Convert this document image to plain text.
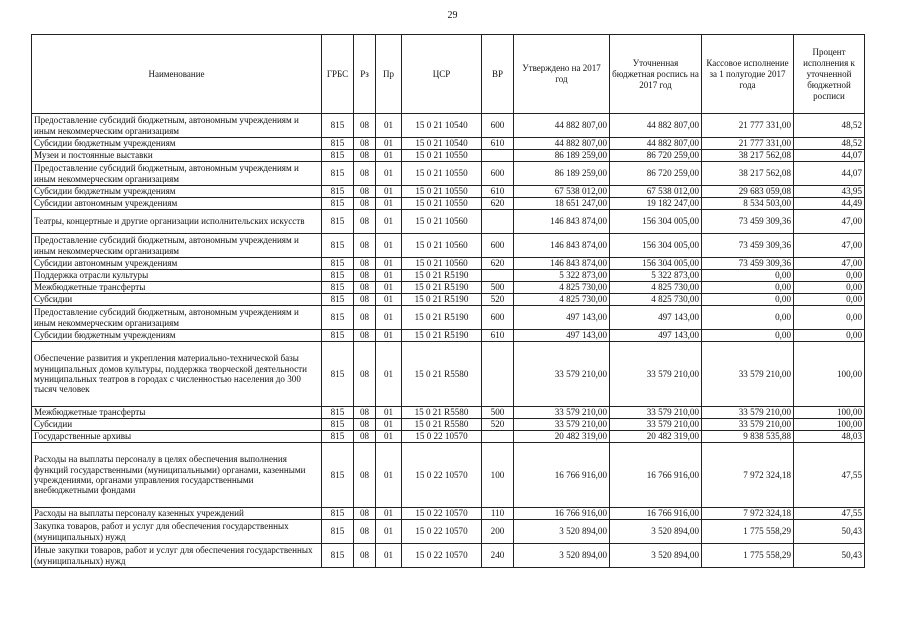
29
Наименование	ГРБС	Рз	Пр	ЦСР	ВР	Утверждено на 2017 год	Уточненная бюджетная роспись на 2017 год	Кассовое исполнение за 1 полугодие 2017 года	Процент исполнения к уточненной бюджетной росписи
Предоставление субсидий бюджетным, автономным учреждениям и иным некоммерческим организациям	815	08	01	15 0 21 10540	600	44 882 807,00	44 882 807,00	21 777 331,00	48,52
Субсидии бюджетным учреждениям	815	08	01	15 0 21 10540	610	44 882 807,00	44 882 807,00	21 777 331,00	48,52
Музеи и постоянные выставки	815	08	01	15 0 21 10550		86 189 259,00	86 720 259,00	38 217 562,08	44,07
Предоставление субсидий бюджетным, автономным учреждениям и иным некоммерческим организациям	815	08	01	15 0 21 10550	600	86 189 259,00	86 720 259,00	38 217 562,08	44,07
Субсидии бюджетным учреждениям	815	08	01	15 0 21 10550	610	67 538 012,00	67 538 012,00	29 683 059,08	43,95
Субсидии автономным учреждениям	815	08	01	15 0 21 10550	620	18 651 247,00	19 182 247,00	8 534 503,00	44,49
Театры, концертные и другие организации исполнительских искусств	815	08	01	15 0 21 10560		146 843 874,00	156 304 005,00	73 459 309,36	47,00
Предоставление субсидий бюджетным, автономным учреждениям и иным некоммерческим организациям	815	08	01	15 0 21 10560	600	146 843 874,00	156 304 005,00	73 459 309,36	47,00
Субсидии автономным учреждениям	815	08	01	15 0 21 10560	620	146 843 874,00	156 304 005,00	73 459 309,36	47,00
Поддержка отрасли культуры	815	08	01	15 0 21 R5190		5 322 873,00	5 322 873,00	0,00	0,00
Межбюджетные трансферты	815	08	01	15 0 21 R5190	500	4 825 730,00	4 825 730,00	0,00	0,00
Субсидии	815	08	01	15 0 21 R5190	520	4 825 730,00	4 825 730,00	0,00	0,00
Предоставление субсидий бюджетным, автономным учреждениям и иным некоммерческим организациям	815	08	01	15 0 21 R5190	600	497 143,00	497 143,00	0,00	0,00
Субсидии бюджетным учреждениям	815	08	01	15 0 21 R5190	610	497 143,00	497 143,00	0,00	0,00
Обеспечение развития и укрепления материально-технической базы муниципальных домов культуры, поддержка творческой деятельности муниципальных театров в городах с численностью населения до 300 тысяч человек	815	08	01	15 0 21 R5580		33 579 210,00	33 579 210,00	33 579 210,00	100,00
Межбюджетные трансферты	815	08	01	15 0 21 R5580	500	33 579 210,00	33 579 210,00	33 579 210,00	100,00
Субсидии	815	08	01	15 0 21 R5580	520	33 579 210,00	33 579 210,00	33 579 210,00	100,00
Государственные архивы	815	08	01	15 0 22 10570		20 482 319,00	20 482 319,00	9 838 535,88	48,03
Расходы на выплаты персоналу в целях обеспечения выполнения функций государственными (муниципальными) органами, казенными учреждениями, органами управления государственными внебюджетными фондами	815	08	01	15 0 22 10570	100	16 766 916,00	16 766 916,00	7 972 324,18	47,55
Расходы на выплаты персоналу казенных учреждений	815	08	01	15 0 22 10570	110	16 766 916,00	16 766 916,00	7 972 324,18	47,55
Закупка товаров, работ и услуг для обеспечения государственных (муниципальных) нужд	815	08	01	15 0 22 10570	200	3 520 894,00	3 520 894,00	1 775 558,29	50,43
Иные закупки товаров, работ и услуг для обеспечения государственных (муниципальных) нужд	815	08	01	15 0 22 10570	240	3 520 894,00	3 520 894,00	1 775 558,29	50,43
